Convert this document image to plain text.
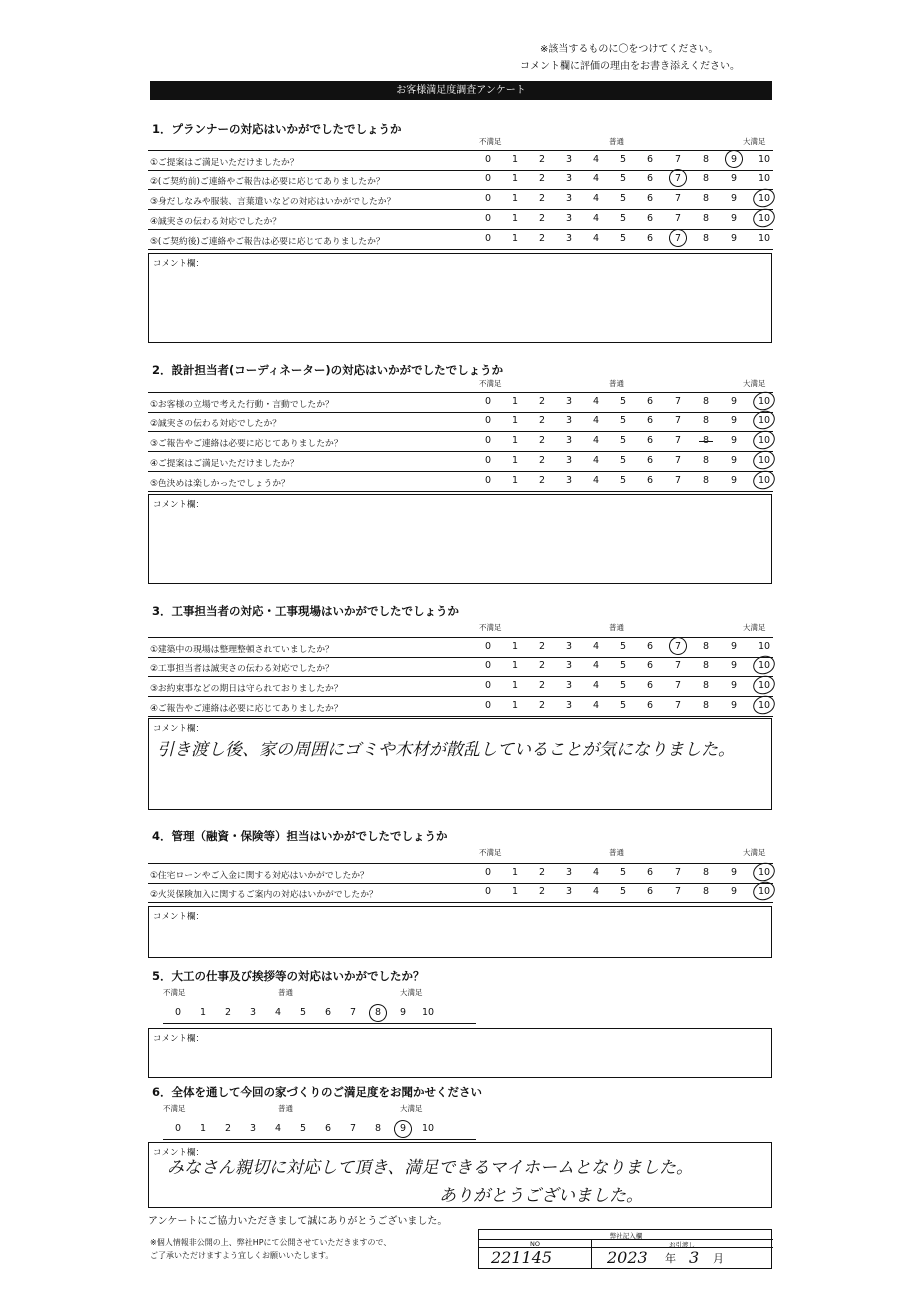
※該当するものに〇をつけてください。
コメント欄に評価の理由をお書き添えください。
お客様満足度調査アンケート
1．プランナーの対応はいかがでしたでしょうか
不満足	普通	大満足
①ご提案はご満足いただけましたか？	0	1	2	3	4	5	6	7	8	9	10
②(ご契約前)ご連絡やご報告は必要に応じてありましたか？	0	1	2	3	4	5	6	7	8	9	10
③身だしなみや服装、言葉遣いなどの対応はいかがでしたか？	0	1	2	3	4	5	6	7	8	9	10
④誠実さの伝わる対応でしたか？	0	1	2	3	4	5	6	7	8	9	10
⑤(ご契約後)ご連絡やご報告は必要に応じてありましたか？	0	1	2	3	4	5	6	7	8	9	10
コメント欄：
2．設計担当者(コーディネーター)の対応はいかがでしたでしょうか
不満足	普通	大満足
①お客様の立場で考えた行動・言動でしたか？	0	1	2	3	4	5	6	7	8	9	10
②誠実さの伝わる対応でしたか？	0	1	2	3	4	5	6	7	8	9	10
③ご報告やご連絡は必要に応じてありましたか？	0	1	2	3	4	5	6	7	8	9	10
④ご提案はご満足いただけましたか？	0	1	2	3	4	5	6	7	8	9	10
⑤色決めは楽しかったでしょうか？	0	1	2	3	4	5	6	7	8	9	10
コメント欄：
3．工事担当者の対応・工事現場はいかがでしたでしょうか
不満足	普通	大満足
①建築中の現場は整理整頓されていましたか？	0	1	2	3	4	5	6	7	8	9	10
②工事担当者は誠実さの伝わる対応でしたか？	0	1	2	3	4	5	6	7	8	9	10
③お約束事などの期日は守られておりましたか？	0	1	2	3	4	5	6	7	8	9	10
④ご報告やご連絡は必要に応じてありましたか？	0	1	2	3	4	5	6	7	8	9	10
コメント欄：
引き渡し後、家の周囲にゴミや木材が散乱していることが気になりました。
4．管理（融資・保険等）担当はいかがでしたでしょうか
不満足	普通	大満足
①住宅ローンやご入金に関する対応はいかがでしたか？	0	1	2	3	4	5	6	7	8	9	10
②火災保険加入に関するご案内の対応はいかがでしたか？	0	1	2	3	4	5	6	7	8	9	10
コメント欄：
5．大工の仕事及び挨拶等の対応はいかがでしたか？
不満足	普通	大満足
0	1	2	3	4	5	6	7	8	9	10
コメント欄：
6．全体を通して今回の家づくりのご満足度をお聞かせください
不満足	普通	大満足
0	1	2	3	4	5	6	7	8	9	10
コメント欄：
みなさん親切に対応して頂き、満足できるマイホームとなりました。
ありがとうございました。
アンケートにご協力いただきまして誠にありがとうございました。
※個人情報非公開の上、弊社HPにて公開させていただきますので、
ご了承いただけますよう宜しくお願いいたします。
弊社記入欄
NO	お引渡し
221145	2023 年 3 月
